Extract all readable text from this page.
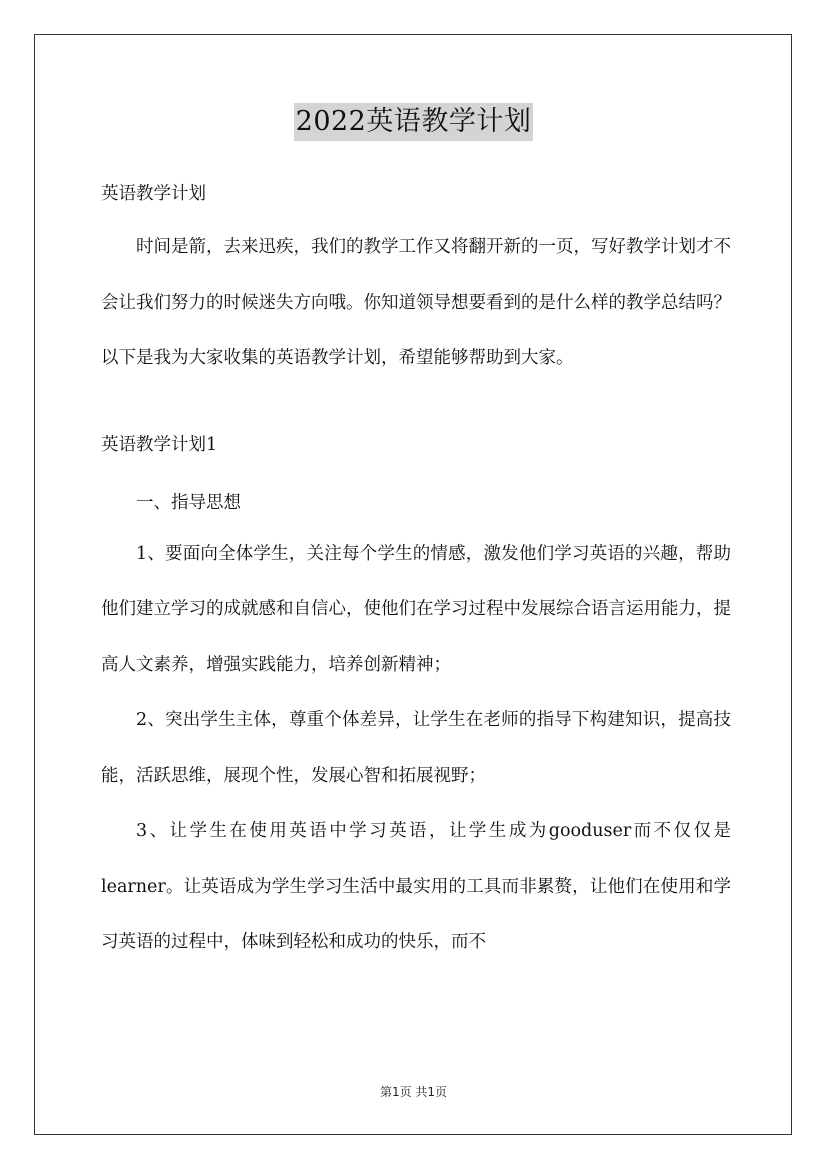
2022英语教学计划
英语教学计划
时间是箭，去来迅疾，我们的教学工作又将翻开新的一页，写好教学计划才不会让我们努力的时候迷失方向哦。你知道领导想要看到的是什么样的教学总结吗？以下是我为大家收集的英语教学计划，希望能够帮助到大家。
英语教学计划1
一、指导思想
1、要面向全体学生，关注每个学生的情感，激发他们学习英语的兴趣，帮助他们建立学习的成就感和自信心，使他们在学习过程中发展综合语言运用能力，提高人文素养，增强实践能力，培养创新精神；
2、突出学生主体，尊重个体差异，让学生在老师的指导下构建知识，提高技能，活跃思维，展现个性，发展心智和拓展视野；
3、让学生在使用英语中学习英语，让学生成为gooduser而不仅仅是learner。让英语成为学生学习生活中最实用的工具而非累赘，让他们在使用和学习英语的过程中，体味到轻松和成功的快乐，而不
第1页 共1页
